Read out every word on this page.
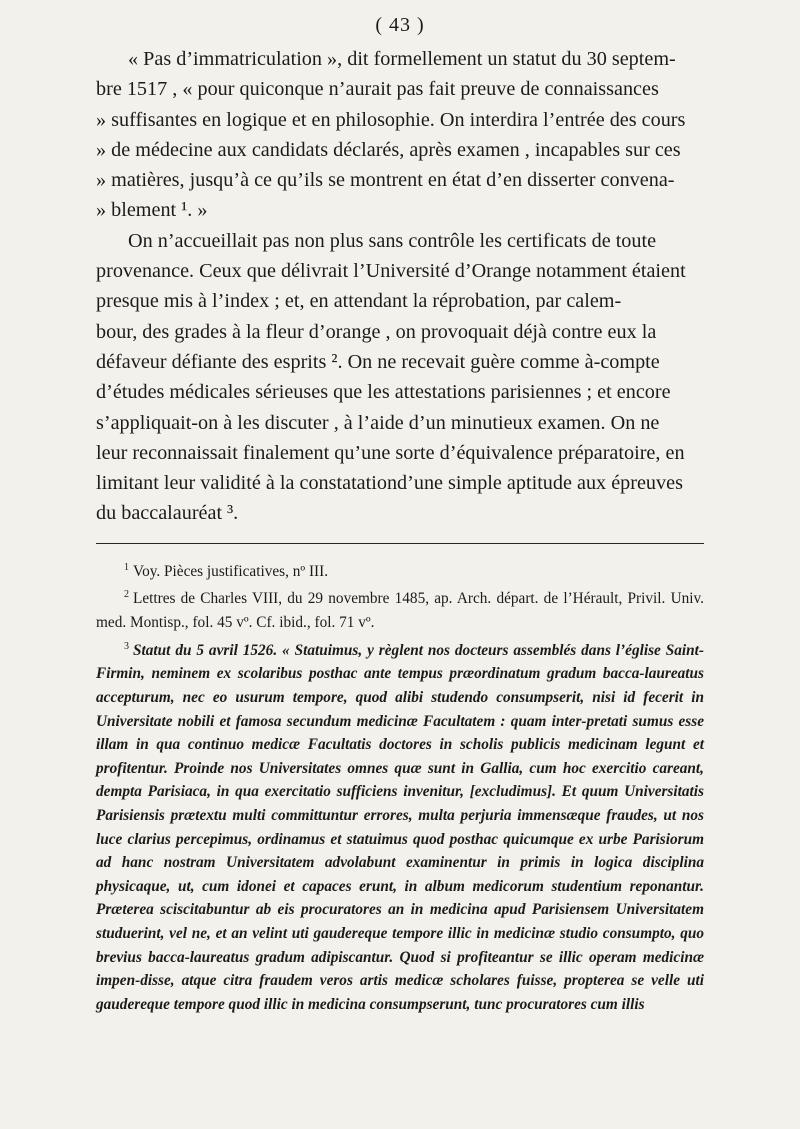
( 43 )

« Pas d’immatriculation », dit formellement un statut du 30 septem-
bre 1517 , « pour quiconque n’aurait pas fait preuve de connaissances
» suffisantes en logique et en philosophie. On interdira l’entrée des cours
» de médecine aux candidats déclarés, après examen , incapables sur ces
» matières, jusqu’à ce qu’ils se montrent en état d’en disserter convena-
» blement ¹. »

On n’accueillait pas non plus sans contrôle les certificats de toute
provenance. Ceux que délivrait l’Université d’Orange notamment étaient
presque mis à l’index ; et, en attendant la réprobation, par calem-
bour, des grades à la fleur d’orange , on provoquait déjà contre eux la
défaveur défiante des esprits ². On ne recevait guère comme à-compte
d’études médicales sérieuses que les attestations parisiennes ; et encore
s’appliquait-on à les discuter , à l’aide d’un minutieux examen. On ne
leur reconnaissait finalement qu’une sorte d’équivalence préparatoire, en
limitant leur validité à la constatationd’une simple aptitude aux épreuves
du baccalauréat ³.

$^1$ Voy. Pièces justificatives, nº III.

$^2$ Lettres de Charles VIII, du 29 novembre 1485, ap. Arch. départ. de l’Hérault, Privil. Univ. med. Montisp., fol. 45 vº. Cf. ibid., fol. 71 vº.

$^3$ Statut du 5 avril 1526. « Statuimus, y règlent nos docteurs assemblés dans l’église Saint-Firmin, neminem ex scolaribus posthac ante tempus præordinatum gradum bacca-laureatus accepturum, nec eo usurum tempore, quod alibi studendo consumpserit, nisi id fecerit in Universitate nobili et famosa secundum medicinæ Facultatem : quam inter-pretati sumus esse illam in qua continuo medicæ Facultatis doctores in scholis publicis medicinam legunt et profitentur. Proinde nos Universitates omnes quæ sunt in Gallia, cum hoc exercitio careant, dempta Parisiaca, in qua exercitatio sufficiens invenitur, [excludimus]. Et quum Universitatis Parisiensis prætextu multi committuntur errores, multa perjuria immensæque fraudes, ut nos luce clarius percepimus, ordinamus et statuimus quod posthac quicumque ex urbe Parisiorum ad hanc nostram Universitatem advolabunt examinentur in primis in logica disciplina physicaque, ut, cum idonei et capaces erunt, in album medicorum studentium reponantur. Præterea sciscitabuntur ab eis procuratores an in medicina apud Parisiensem Universitatem studuerint, vel ne, et an velint uti gaudereque tempore illic in medicinæ studio consumpto, quo brevius bacca-laureatus gradum adipiscantur. Quod si profiteantur se illic operam medicinæ impen-disse, atque citra fraudem veros artis medicæ scholares fuisse, propterea se velle uti gaudereque tempore quod illic in medicina consumpserunt, tunc procuratores cum illis
